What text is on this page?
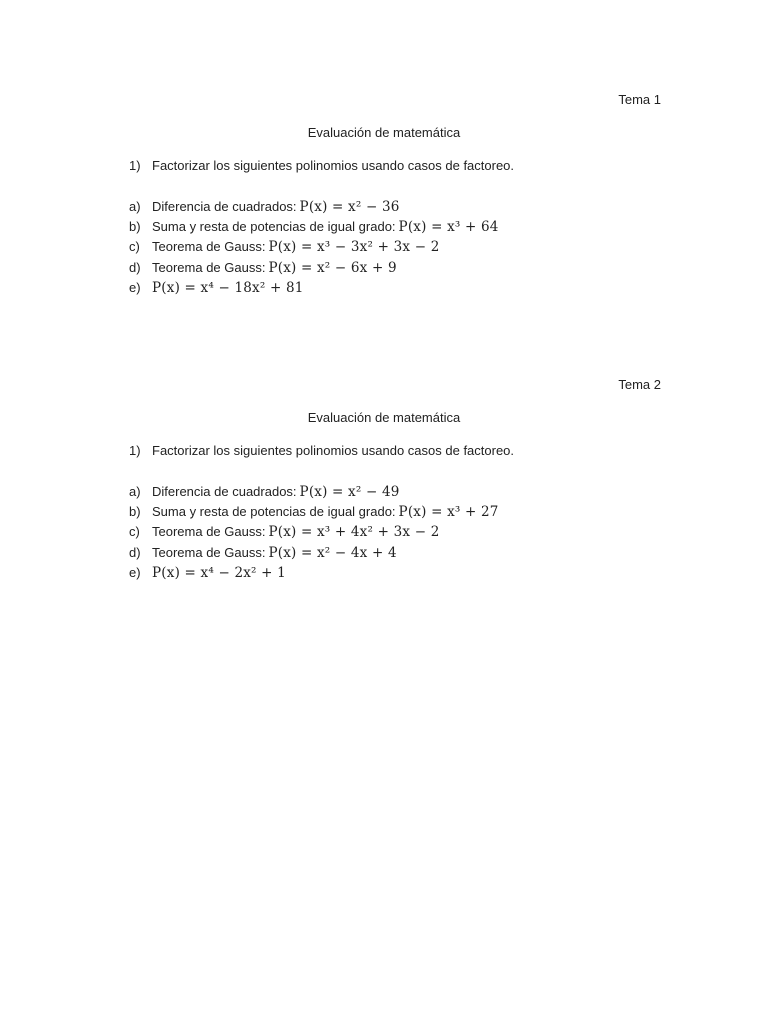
Tema 1
Evaluación de matemática
1) Factorizar los siguientes polinomios usando casos de factoreo.
a) Diferencia de cuadrados: P(x) = x² − 36
b) Suma y resta de potencias de igual grado: P(x) = x³ + 64
c) Teorema de Gauss: P(x) = x³ − 3x² + 3x − 2
d) Teorema de Gauss: P(x) = x² − 6x + 9
e) P(x) = x⁴ − 18x² + 81
Tema 2
Evaluación de matemática
1) Factorizar los siguientes polinomios usando casos de factoreo.
a) Diferencia de cuadrados: P(x) = x² − 49
b) Suma y resta de potencias de igual grado: P(x) = x³ + 27
c) Teorema de Gauss: P(x) = x³ + 4x² + 3x − 2
d) Teorema de Gauss: P(x) = x² − 4x + 4
e) P(x) = x⁴ − 2x² + 1
